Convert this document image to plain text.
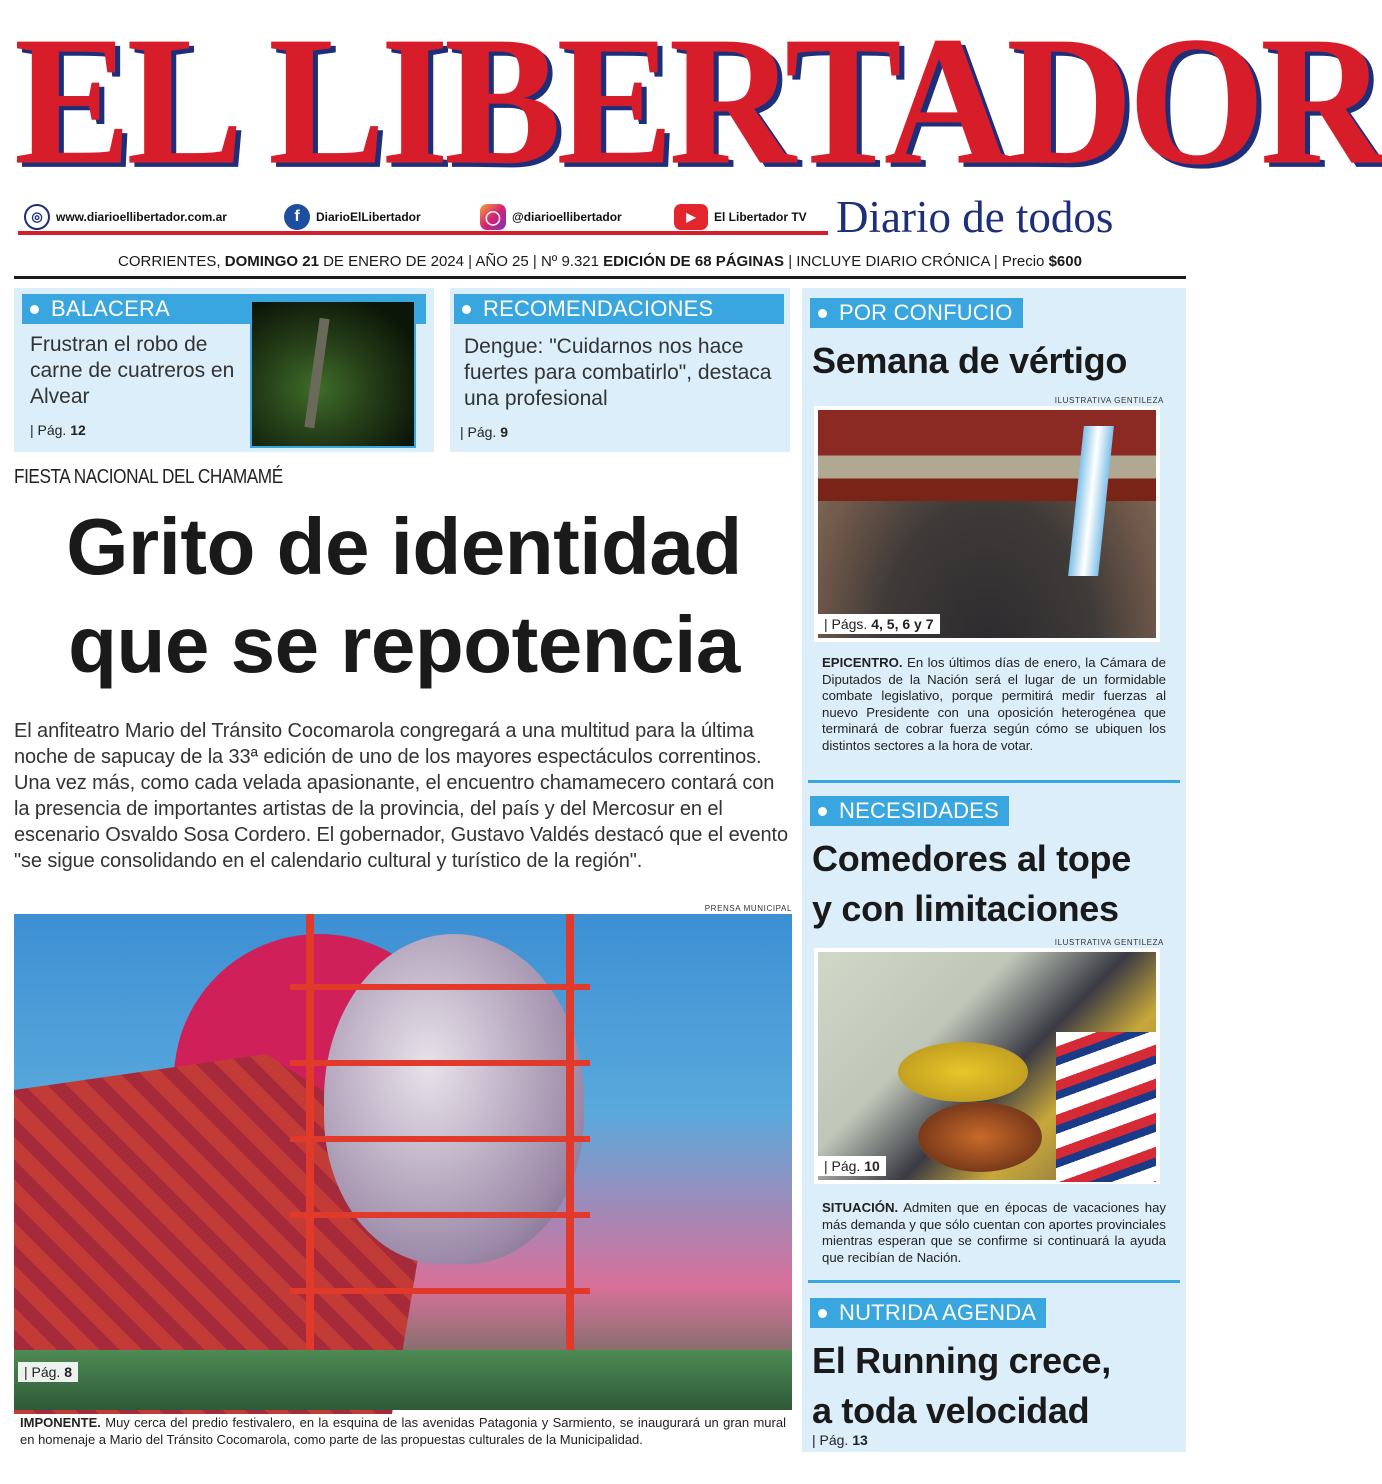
EL LIBERTADOR
◎	www.diarioellibertador.com.ar	f	DiarioElLibertador	◯ @diarioellibertador	▶	El Libertador TV Diario de todos
CORRIENTES, DOMINGO 21 DE ENERO DE 2024 | AÑO 25 | Nº 9.321 EDICIÓN DE 68 PÁGINAS | INCLUYE DIARIO CRÓNICA | Precio $600
BALACERA
Frustran el robo de carne de cuatreros en Alvear
| Pág. 12
RECOMENDACIONES
Dengue: "Cuidarnos nos hace fuertes para combatirlo", destaca una profesional
| Pág. 9
FIESTA NACIONAL DEL CHAMAMÉ
Grito de identidad
que se repotencia

El anfiteatro Mario del Tránsito Cocomarola congregará a una multitud para la última noche de sapucay de la 33ª edición de uno de los mayores espectáculos correntinos. Una vez más, como cada velada apasionante, el encuentro chamamecero contará con la presencia de importantes artistas de la provincia, del país y del Mercosur en el escenario Osvaldo Sosa Cordero. El gobernador, Gustavo Valdés destacó que el evento "se sigue consolidando en el calendario cultural y turístico de la región".

PRENSA MUNICIPAL
| Pág. 8

IMPONENTE. Muy cerca del predio festivalero, en la esquina de las avenidas Patagonia y Sarmiento, se inaugurará un gran mural en homenaje a Mario del Tránsito Cocomarola, como parte de las propuestas culturales de la Municipalidad.

POR CONFUCIO
Semana de vértigo
ILUSTRATIVA GENTILEZA
| Págs. 4, 5, 6 y 7

EPICENTRO. En los últimos días de enero, la Cámara de Diputados de la Nación será el lugar de un formidable combate legislativo, porque permitirá medir fuerzas al nuevo Presidente con una oposición heterogénea que terminará de cobrar fuerza según cómo se ubiquen los distintos sectores a la hora de votar.

NECESIDADES
Comedores al tope
y con limitaciones
ILUSTRATIVA GENTILEZA
| Pág. 10

SITUACIÓN. Admiten que en épocas de vacaciones hay más demanda y que sólo cuentan con aportes provinciales mientras esperan que se confirme si continuará la ayuda que recibían de Nación.

NUTRIDA AGENDA
El Running crece,
a toda velocidad
| Pág. 13
